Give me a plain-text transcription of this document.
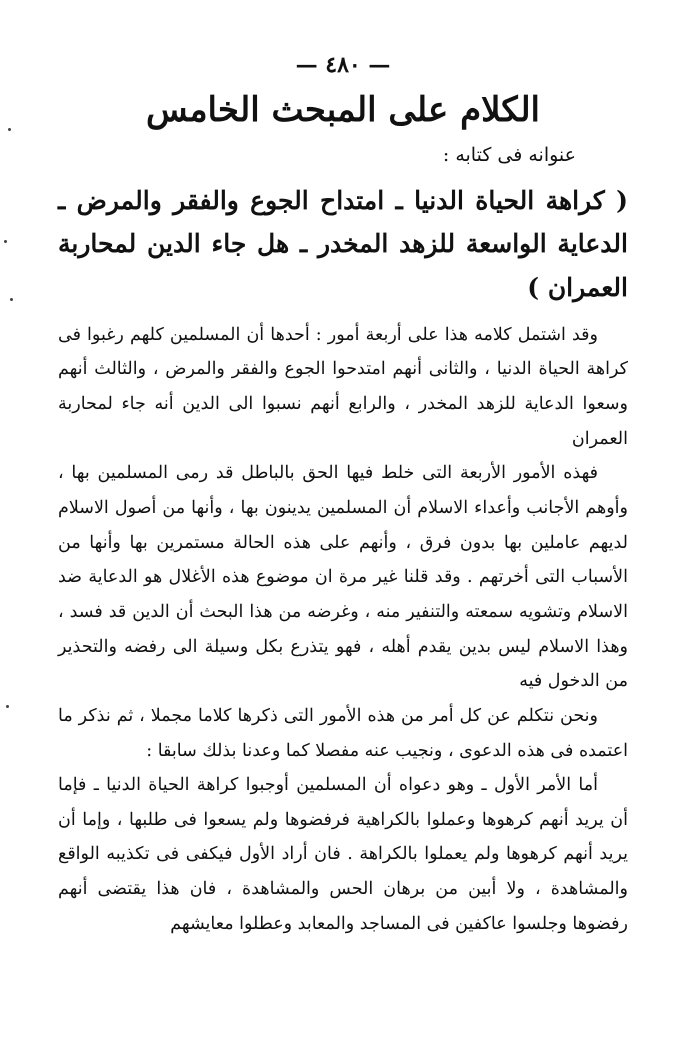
— ٤٨٠ —
الكلام على المبحث الخامس
عنوانه فى كتابه :
( كراهة الحياة الدنيا ـ امتداح الجوع والفقر والمرض ـ الدعاية الواسعة للزهد المخدر ـ هل جاء الدين لمحاربة العمران )

وقد اشتمل كلامه هذا على أربعة أمور : أحدها أن المسلمين كلهم رغبوا فى كراهة الحياة الدنيا ، والثانى أنهم امتدحوا الجوع والفقر والمرض ، والثالث أنهم وسعوا الدعاية للزهد المخدر ، والرابع أنهم نسبوا الى الدين أنه جاء لمحاربة العمران

فهذه الأمور الأربعة التى خلط فيها الحق بالباطل قد رمى المسلمين بها ، وأوهم الأجانب وأعداء الاسلام أن المسلمين يدينون بها ، وأنها من أصول الاسلام لديهم عاملين بها بدون فرق ، وأنهم على هذه الحالة مستمرين بها وأنها من الأسباب التى أخرتهم . وقد قلنا غير مرة ان موضوع هذه الأغلال هو الدعاية ضد الاسلام وتشويه سمعته والتنفير منه ، وغرضه من هذا البحث أن الدين قد فسد ، وهذا الاسلام ليس بدين يقدم أهله ، فهو يتذرع بكل وسيلة الى رفضه والتحذير من الدخول فيه

ونحن نتكلم عن كل أمر من هذه الأمور التى ذكرها كلاما مجملا ، ثم نذكر ما اعتمده فى هذه الدعوى ، ونجيب عنه مفصلا كما وعدنا بذلك سابقا :

أما الأمر الأول ـ وهو دعواه أن المسلمين أوجبوا كراهة الحياة الدنيا ـ فإما أن يريد أنهم كرهوها وعملوا بالكراهية فرفضوها ولم يسعوا فى طلبها ، وإما أن يريد أنهم كرهوها ولم يعملوا بالكراهة . فان أراد الأول فيكفى فى تكذيبه الواقع والمشاهدة ، ولا أبين من برهان الحس والمشاهدة ، فان هذا يقتضى أنهم رفضوها وجلسوا عاكفين فى المساجد والمعابد وعطلوا معايشهم
